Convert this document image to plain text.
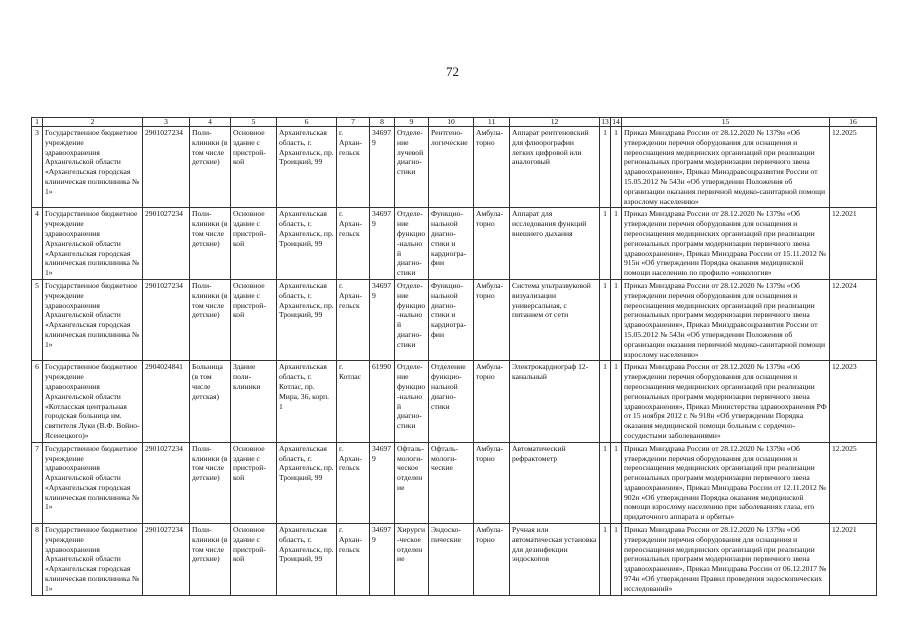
72
1	2	3	4	5	6	7	8	9	10	11	12	13	14	15	16
3	Государственное бюджетное учреждение здравоохранения Архангельской области «Архангельская городская клиническая поликлиника № 1»	2901027234	Поли-клиники (в том числе детские)	Основное здание с пристрой-кой	Архангельская область, г. Архангельск, пр. Троицкий, 99	г. Архан-гельск	346979	Отделе-ние лучевой диагно-стики	Рентгено-логические	Амбула-торно	Аппарат рентгеновский для флюорографии легких цифровой или аналоговый	1	1	Приказ Минздрава России от 28.12.2020 № 1379н «Об утверждении перечня оборудования для оснащения и переоснащения медицинских организаций при реализации региональных программ модернизации первичного звена здравоохранения», Приказ Минздравсоцразвития России от 15.05.2012 № 543н «Об утверждении Положения об организации оказания первичной медико-санитарной помощи взрослому населению»	12.2025
4	Государственное бюджетное учреждение здравоохранения Архангельской области «Архангельская городская клиническая поликлиника № 1»	2901027234	Поли-клиники (в том числе детские)	Основное здание с пристрой-кой	Архангельская область, г. Архангельск, пр. Троицкий, 99	г. Архан-гельск	346979	Отделе-ние функцио-нальной диагно-стики	Функцио-нальной диагно-стики и кардиогра-фии	Амбула-торно	Аппарат для исследования функций внешнего дыхания	1	1	Приказ Минздрава России от 28.12.2020 № 1379н «Об утверждении перечня оборудования для оснащения и переоснащения медицинских организаций при реализации региональных программ модернизации первичного звена здравоохранения», Приказ Минздрава России от 15.11.2012 № 915н «Об утверждении Порядка оказания медицинской помощи населению по профилю «онкология»	12.2021
5	Государственное бюджетное учреждение здравоохранения Архангельской области «Архангельская городская клиническая поликлиника № 1»	2901027234	Поли-клиники (в том числе детские)	Основное здание с пристрой-кой	Архангельская область, г. Архангельск, пр. Троицкий, 99	г. Архан-гельск	346979	Отделе-ние функцио-нальной диагно-стики	Функцио-нальной диагно-стики и кардиогра-фии	Амбула-торно	Система ультразвуковой визуализации универсальная, с питанием от сети	1	1	Приказ Минздрава России от 28.12.2020 № 1379н «Об утверждении перечня оборудования для оснащения и переоснащения медицинских организаций при реализации региональных программ модернизации первичного звена здравоохранения», Приказ Минздравсоцразвития России от 15.05.2012 № 543н «Об утверждении Положения об организации оказания первичной медико-санитарной помощи взрослому населению»	12.2024
6	Государственное бюджетное учреждение здравоохранения Архангельской области «Котласская центральная городская больница им. святителя Луки (В.Ф. Войно-Ясенецкого)»	2904024841	Больница (в том числе детская)	Здание поли-клиники	Архангельская область, г. Котлас, пр. Мира, 36, корп. 1	г. Котлас	61990	Отделе-ние функцио-нальной диагно-стики	Отделение функцио-нальной диагно-стики	Амбула-торно	Электрокардиограф 12-канальный	1	1	Приказ Минздрава России от 28.12.2020 № 1379н «Об утверждении перечня оборудования для оснащения и переоснащения медицинских организаций при реализации региональных программ модернизации первичного звена здравоохранения», Приказ Министерства здравоохранения РФ от 15 ноября 2012 г. № 918н «Об утверждении Порядка оказания медицинской помощи больным с сердечно-сосудистыми заболеваниями»	12.2023
7	Государственное бюджетное учреждение здравоохранения Архангельской области «Архангельская городская клиническая поликлиника № 1»	2901027234	Поли-клиники (в том числе детские)	Основное здание с пристрой-кой	Архангельская область, г. Архангельск, пр. Троицкий, 99	г. Архан-гельск	346979	Офталь-мологи-ческое отделение	Офталь-мологи-ческие	Амбула-торно	Автоматический рефрактометр	1	1	Приказ Минздрава России от 28.12.2020 № 1379н «Об утверждении перечня оборудования для оснащения и переоснащения медицинских организаций при реализации региональных программ модернизации первичного звена здравоохранения», Приказ Минздрава России от 12.11.2012 № 902н «Об утверждении Порядка оказания медицинской помощи взрослому населению при заболеваниях глаза, его придаточного аппарата и орбиты»	12.2025
8	Государственное бюджетное учреждение здравоохранения Архангельской области «Архангельская городская клиническая поликлиника № 1»	2901027234	Поли-клиники (в том числе детские)	Основное здание с пристрой-кой	Архангельская область, г. Архангельск, пр. Троицкий, 99	г. Архан-гельск	346979	Хирурги-ческое отделение	Эндоско-пические	Амбула-торно	Ручная или автоматическая установка для дезинфекции эндоскопов	1	1	Приказ Минздрава России от 28.12.2020 № 1379н «Об утверждении перечня оборудования для оснащения и переоснащения медицинских организаций при реализации региональных программ модернизации первичного звена здравоохранения», Приказ Минздрава России от 06.12.2017 № 974н «Об утверждении Правил проведения эндоскопических исследований»	12.2021
